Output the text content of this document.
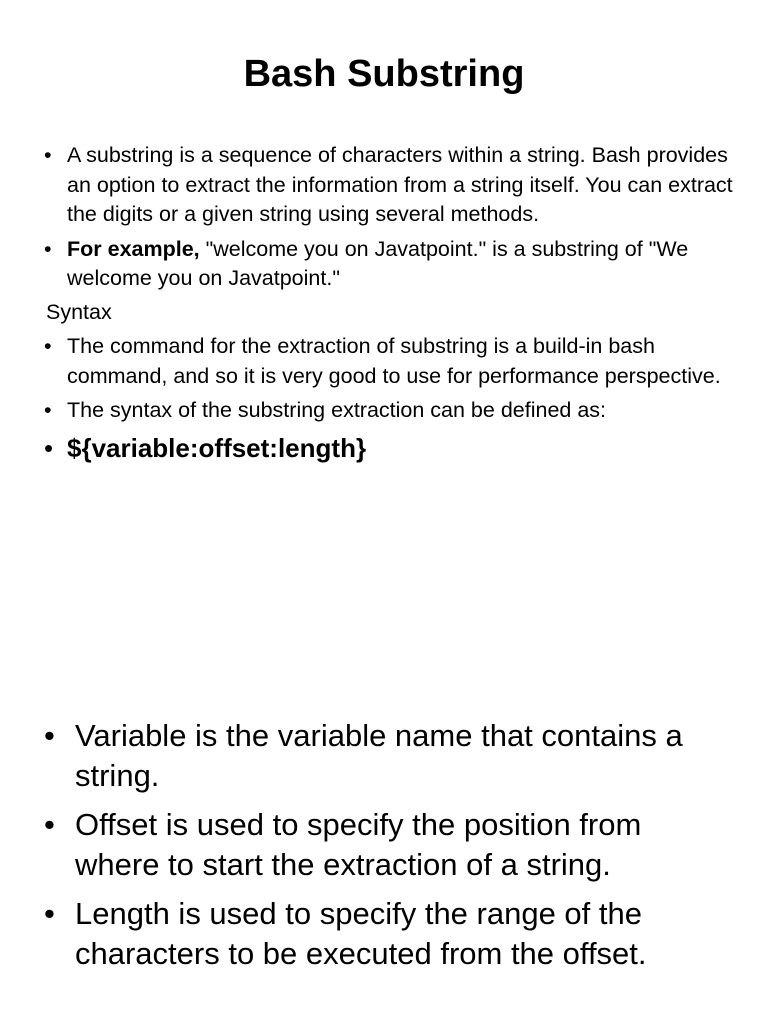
Bash Substring
• A substring is a sequence of characters within a string. Bash provides an option to extract the information from a string itself. You can extract the digits or a given string using several methods.
• For example, "welcome you on Javatpoint." is a substring of "We welcome you on Javatpoint."
Syntax
• The command for the extraction of substring is a build-in bash command, and so it is very good to use for performance perspective.
• The syntax of the substring extraction can be defined as:
• ${variable:offset:length}
• Variable is the variable name that contains a string.
• Offset is used to specify the position from where to start the extraction of a string.
• Length is used to specify the range of the characters to be executed from the offset.
